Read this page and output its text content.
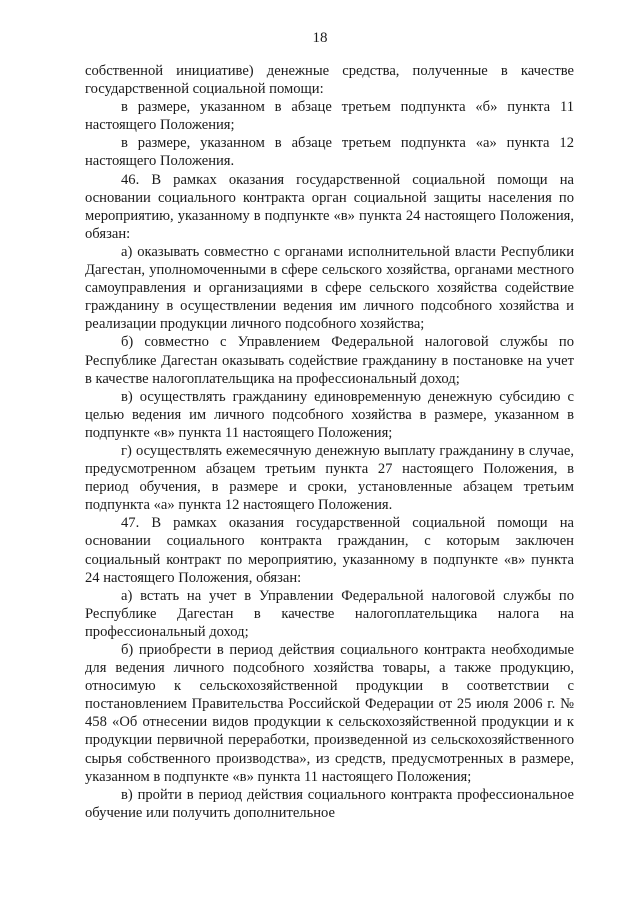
18

собственной инициативе) денежные средства, полученные в качестве государственной социальной помощи:

в размере, указанном в абзаце третьем подпункта «б» пункта 11 настоящего Положения;

в размере, указанном в абзаце третьем подпункта «а» пункта 12 настоящего Положения.

46. В рамках оказания государственной социальной помощи на основании социального контракта орган социальной защиты населения по мероприятию, указанному в подпункте «в» пункта 24 настоящего Положения, обязан:

а) оказывать совместно с органами исполнительной власти Республики Дагестан, уполномоченными в сфере сельского хозяйства, органами местного самоуправления и организациями в сфере сельского хозяйства содействие гражданину в осуществлении ведения им личного подсобного хозяйства и реализации продукции личного подсобного хозяйства;

б) совместно с Управлением Федеральной налоговой службы по Республике Дагестан оказывать содействие гражданину в постановке на учет в качестве налогоплательщика на профессиональный доход;

в) осуществлять гражданину единовременную денежную субсидию с целью ведения им личного подсобного хозяйства в размере, указанном в подпункте «в» пункта 11 настоящего Положения;

г) осуществлять ежемесячную денежную выплату гражданину в случае, предусмотренном абзацем третьим пункта 27 настоящего Положения, в период обучения, в размере и сроки, установленные абзацем третьим подпункта «а» пункта 12 настоящего Положения.

47. В рамках оказания государственной социальной помощи на основании социального контракта гражданин, с которым заключен социальный контракт по мероприятию, указанному в подпункте «в» пункта 24 настоящего Положения, обязан:

а) встать на учет в Управлении Федеральной налоговой службы по Республике Дагестан в качестве налогоплательщика налога на профессиональный доход;

б) приобрести в период действия социального контракта необходимые для ведения личного подсобного хозяйства товары, а также продукцию, относимую к сельскохозяйственной продукции в соответствии с постановлением Правительства Российской Федерации от 25 июля 2006 г. № 458 «Об отнесении видов продукции к сельскохозяйственной продукции и к продукции первичной переработки, произведенной из сельскохозяйственного сырья собственного производства», из средств, предусмотренных в размере, указанном в подпункте «в» пункта 11 настоящего Положения;

в) пройти в период действия социального контракта профессиональное обучение или получить дополнительное
